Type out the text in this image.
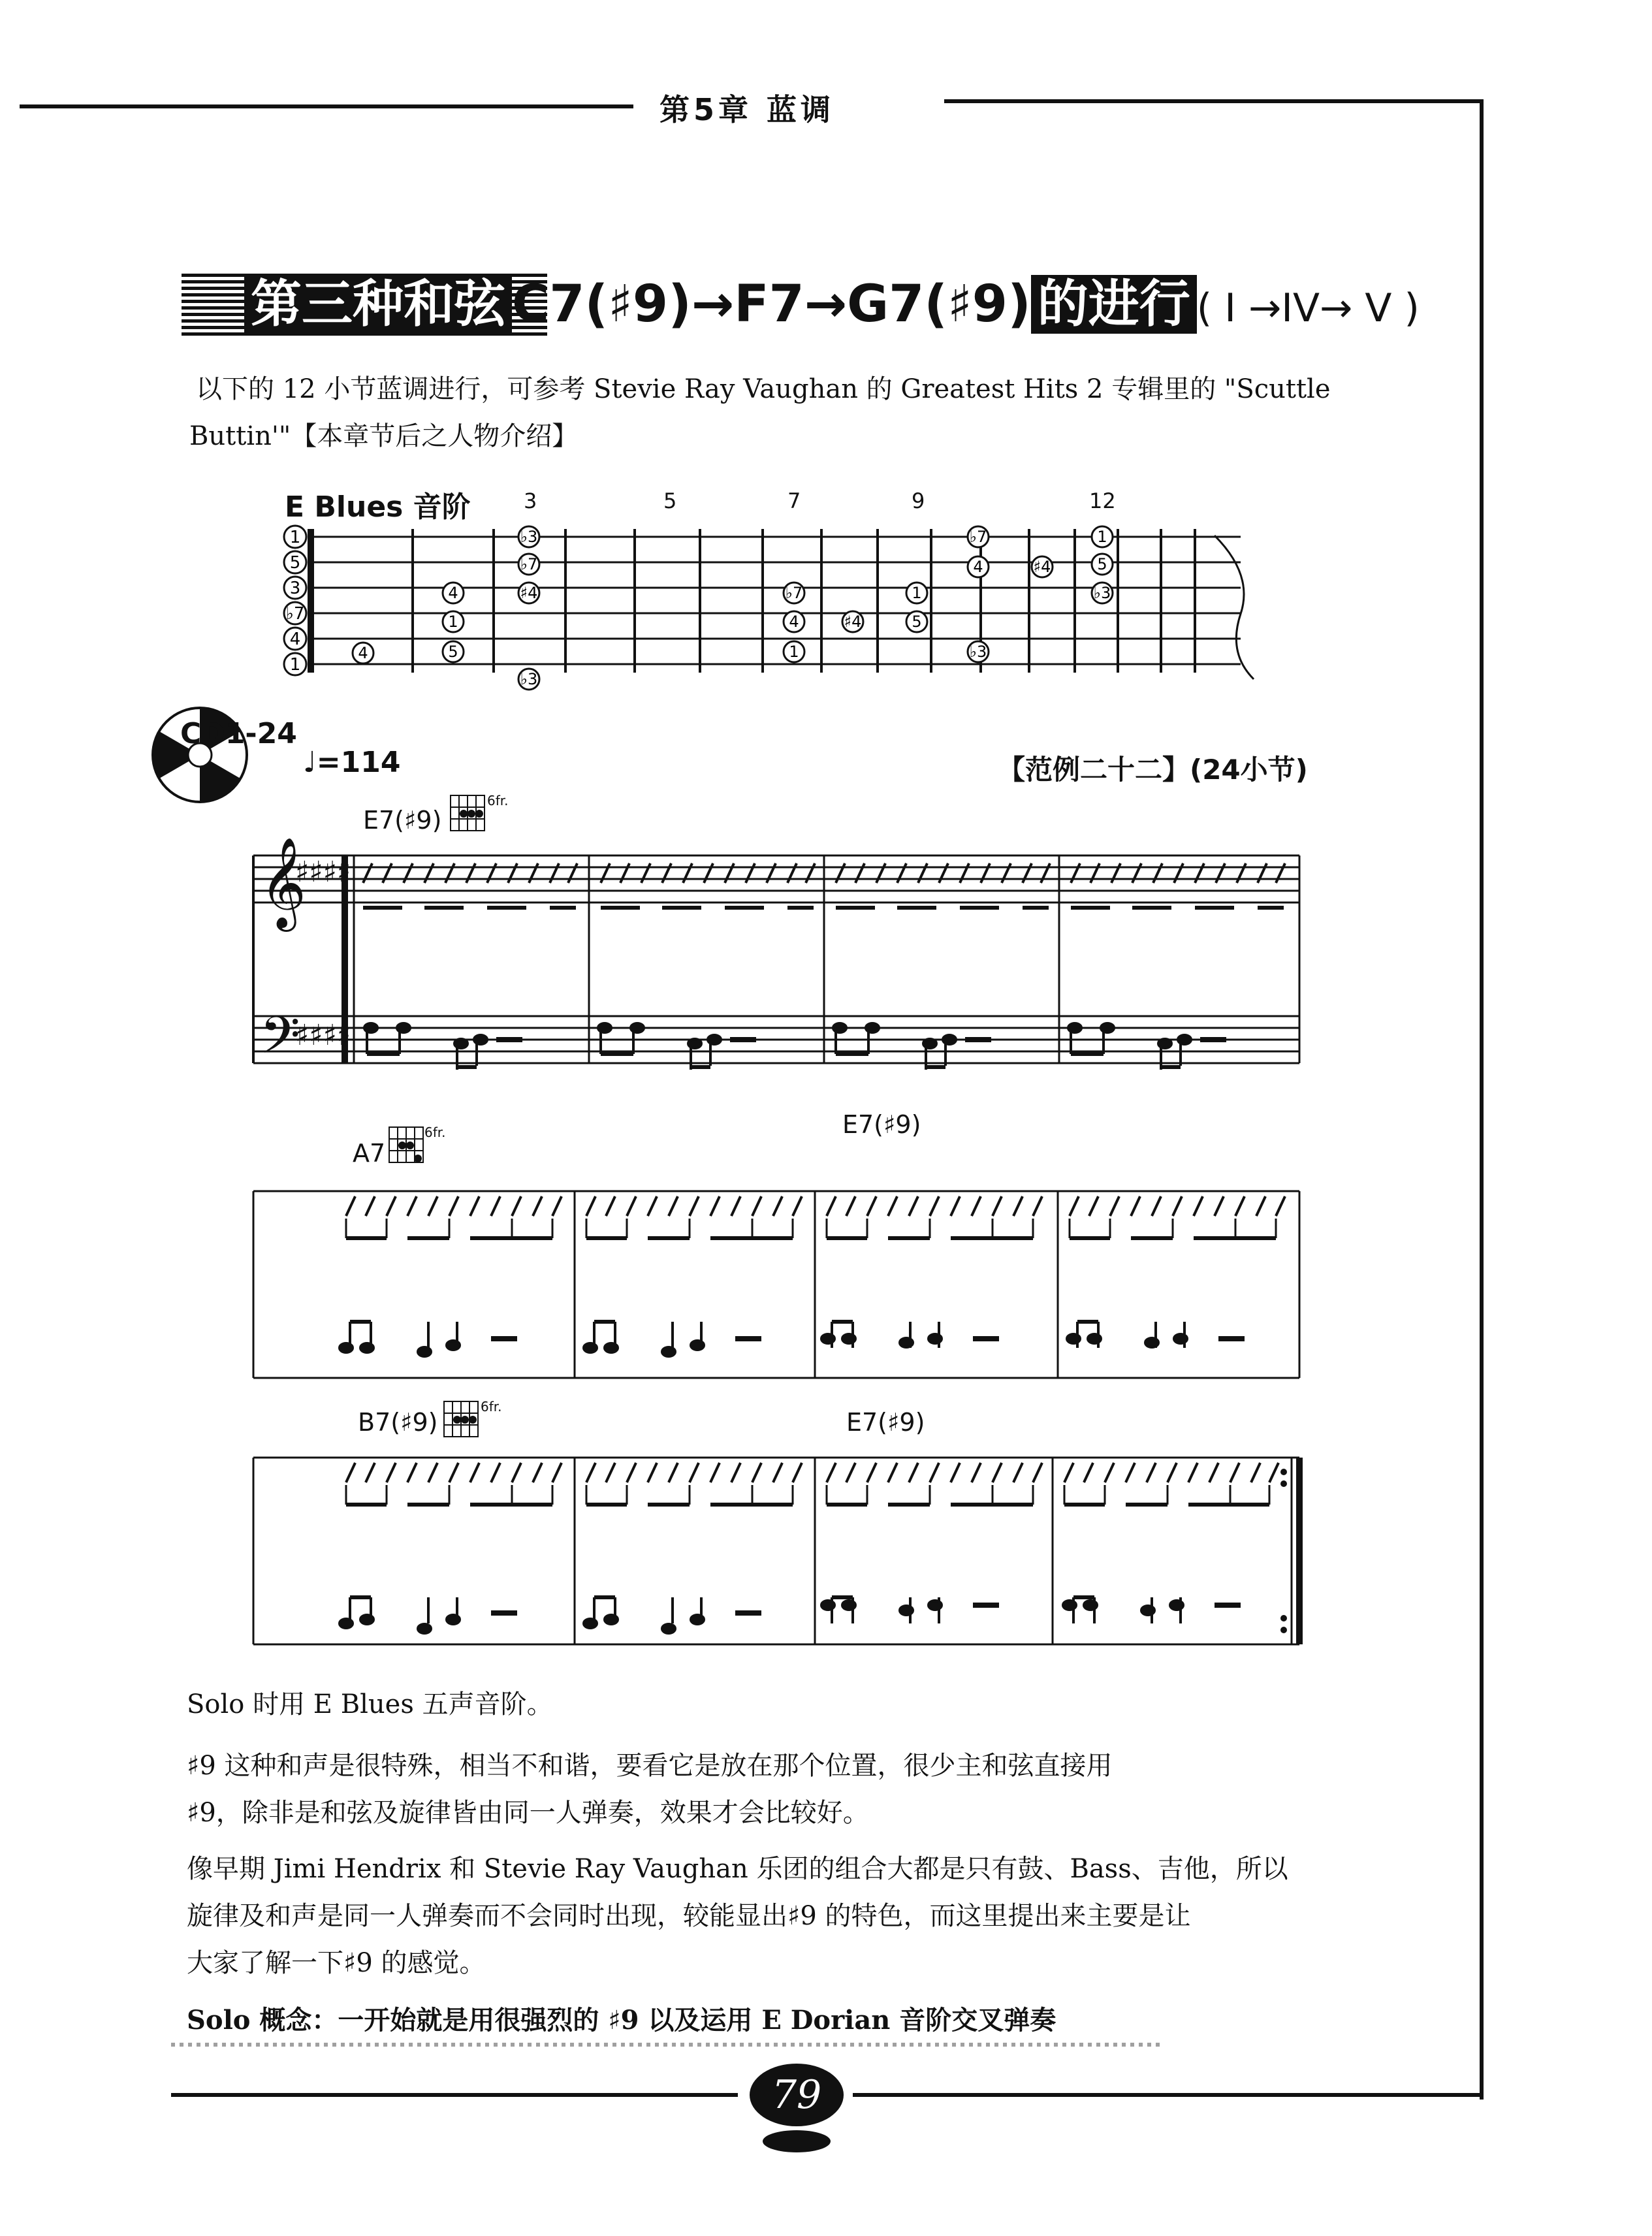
第5章 蓝调
第三种和弦 C7(♯9)→F7→G7(♯9) 的进行 ( I →IV→ V )
以下的 12 小节蓝调进行，可参考 Stevie Ray Vaughan 的 Greatest Hits 2 专辑里的 "Scuttle
Buttin'"【本章节后之人物介绍】
E Blues 音阶	3	5	7	9	12
1
5
3
♭7
4
1
4
4
1
5
♭3
♭7
♯4
♭3
♭7
4
1
♯4
1
5
♭7
4
♭3
♯4
1
5
♭3
𝄞
𝄢
♯♯♯♯
♯♯♯♯
CD1-24
♩=114	【范例二十二】(24小节)
E7(♯9)
6fr.
A7
6fr.	E7(♯9)
B7(♯9)
6fr.
E7(♯9)
Solo 时用 E Blues 五声音阶。
♯9 这种和声是很特殊，相当不和谐，要看它是放在那个位置，很少主和弦直接用
♯9，除非是和弦及旋律皆由同一人弹奏，效果才会比较好。
像早期 Jimi Hendrix 和 Stevie Ray Vaughan 乐团的组合大都是只有鼓、Bass、吉他，所以
旋律及和声是同一人弹奏而不会同时出现，较能显出♯9 的特色，而这里提出来主要是让
大家了解一下♯9 的感觉。
Solo 概念：一开始就是用很强烈的 ♯9 以及运用 E Dorian 音阶交叉弹奏
79
